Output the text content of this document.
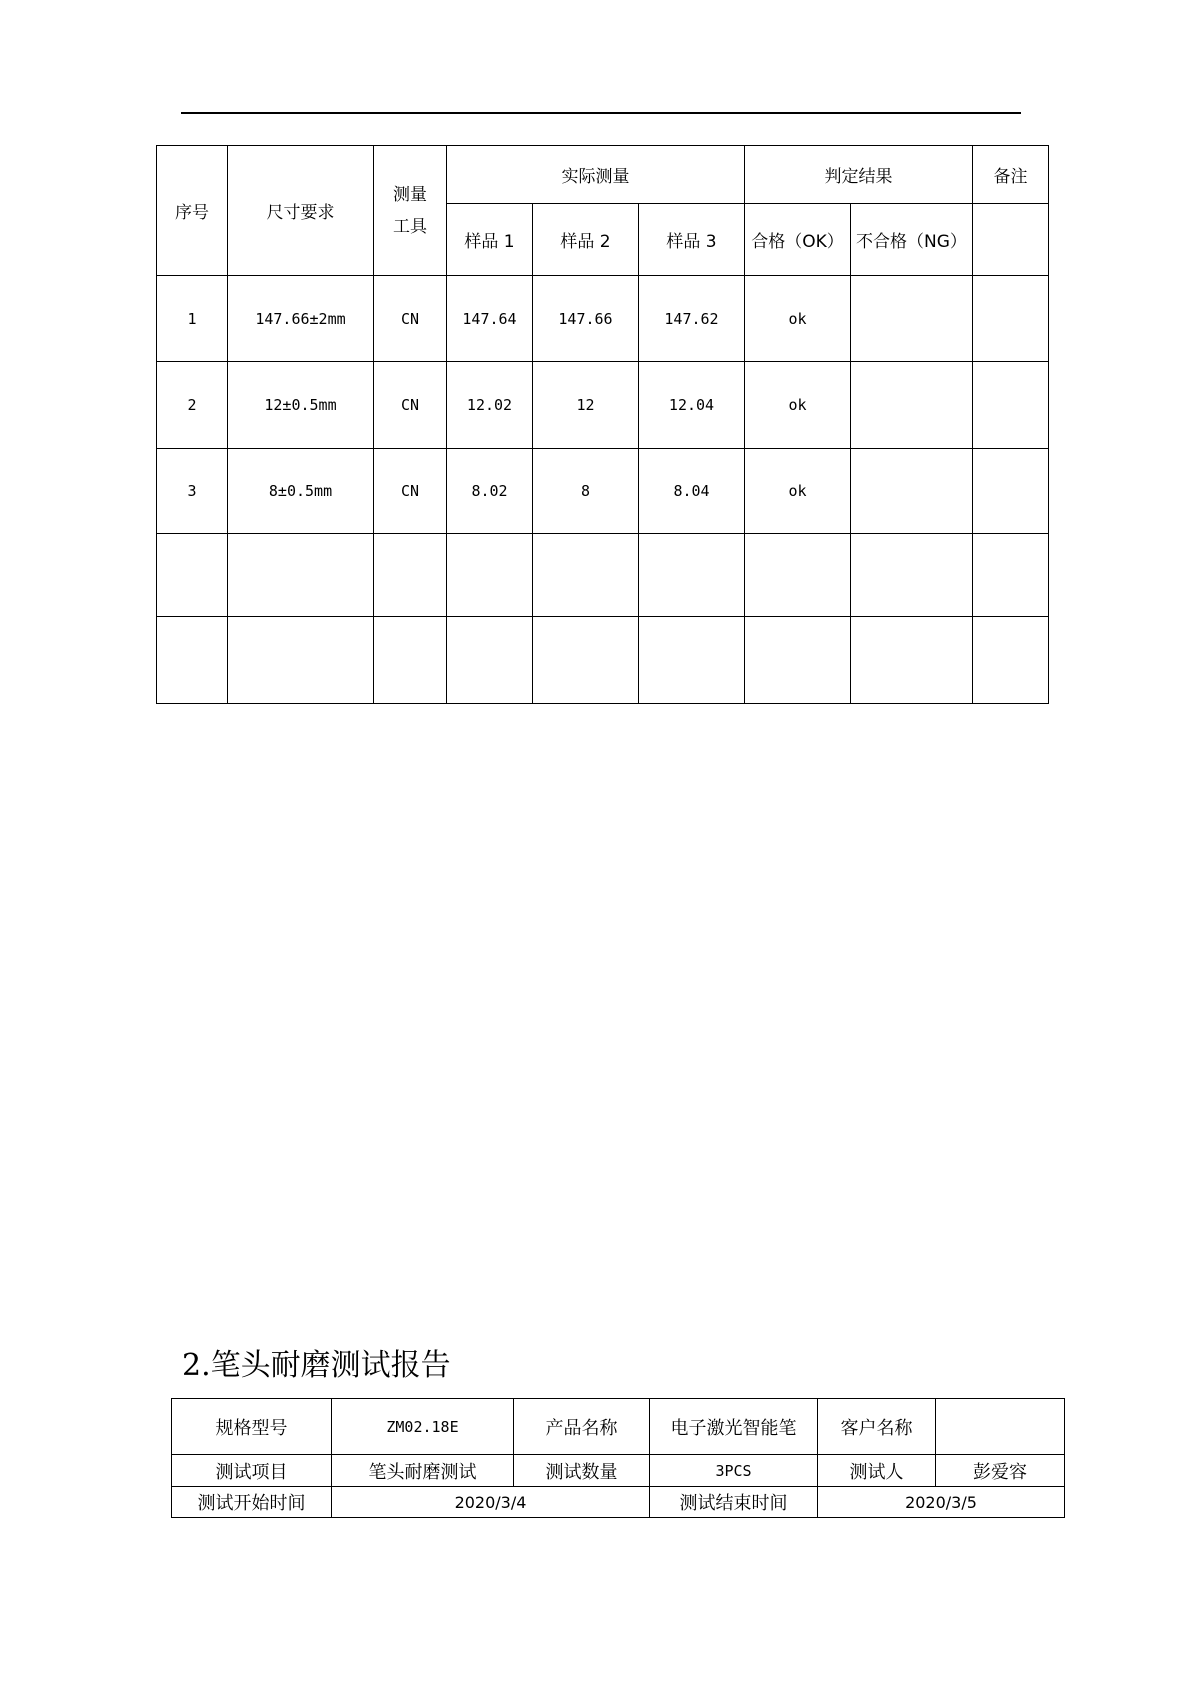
序号	尺寸要求	测量工具	实际测量			判定结果		备注
			样品 1	样品 2	样品 3	合格（OK）	不合格（NG）	
1	147.66±2mm	CN	147.64	147.66	147.62	ok		
2	12±0.5mm	CN	12.02	12	12.04	ok		
3	8±0.5mm	CN	8.02	8	8.04	ok		

2.笔头耐磨测试报告
规格型号	ZM02.18E	产品名称	电子激光智能笔	客户名称	
测试项目	笔头耐磨测试	测试数量	3PCS	测试人	彭爱容
测试开始时间	2020/3/4		测试结束时间	2020/3/5	
